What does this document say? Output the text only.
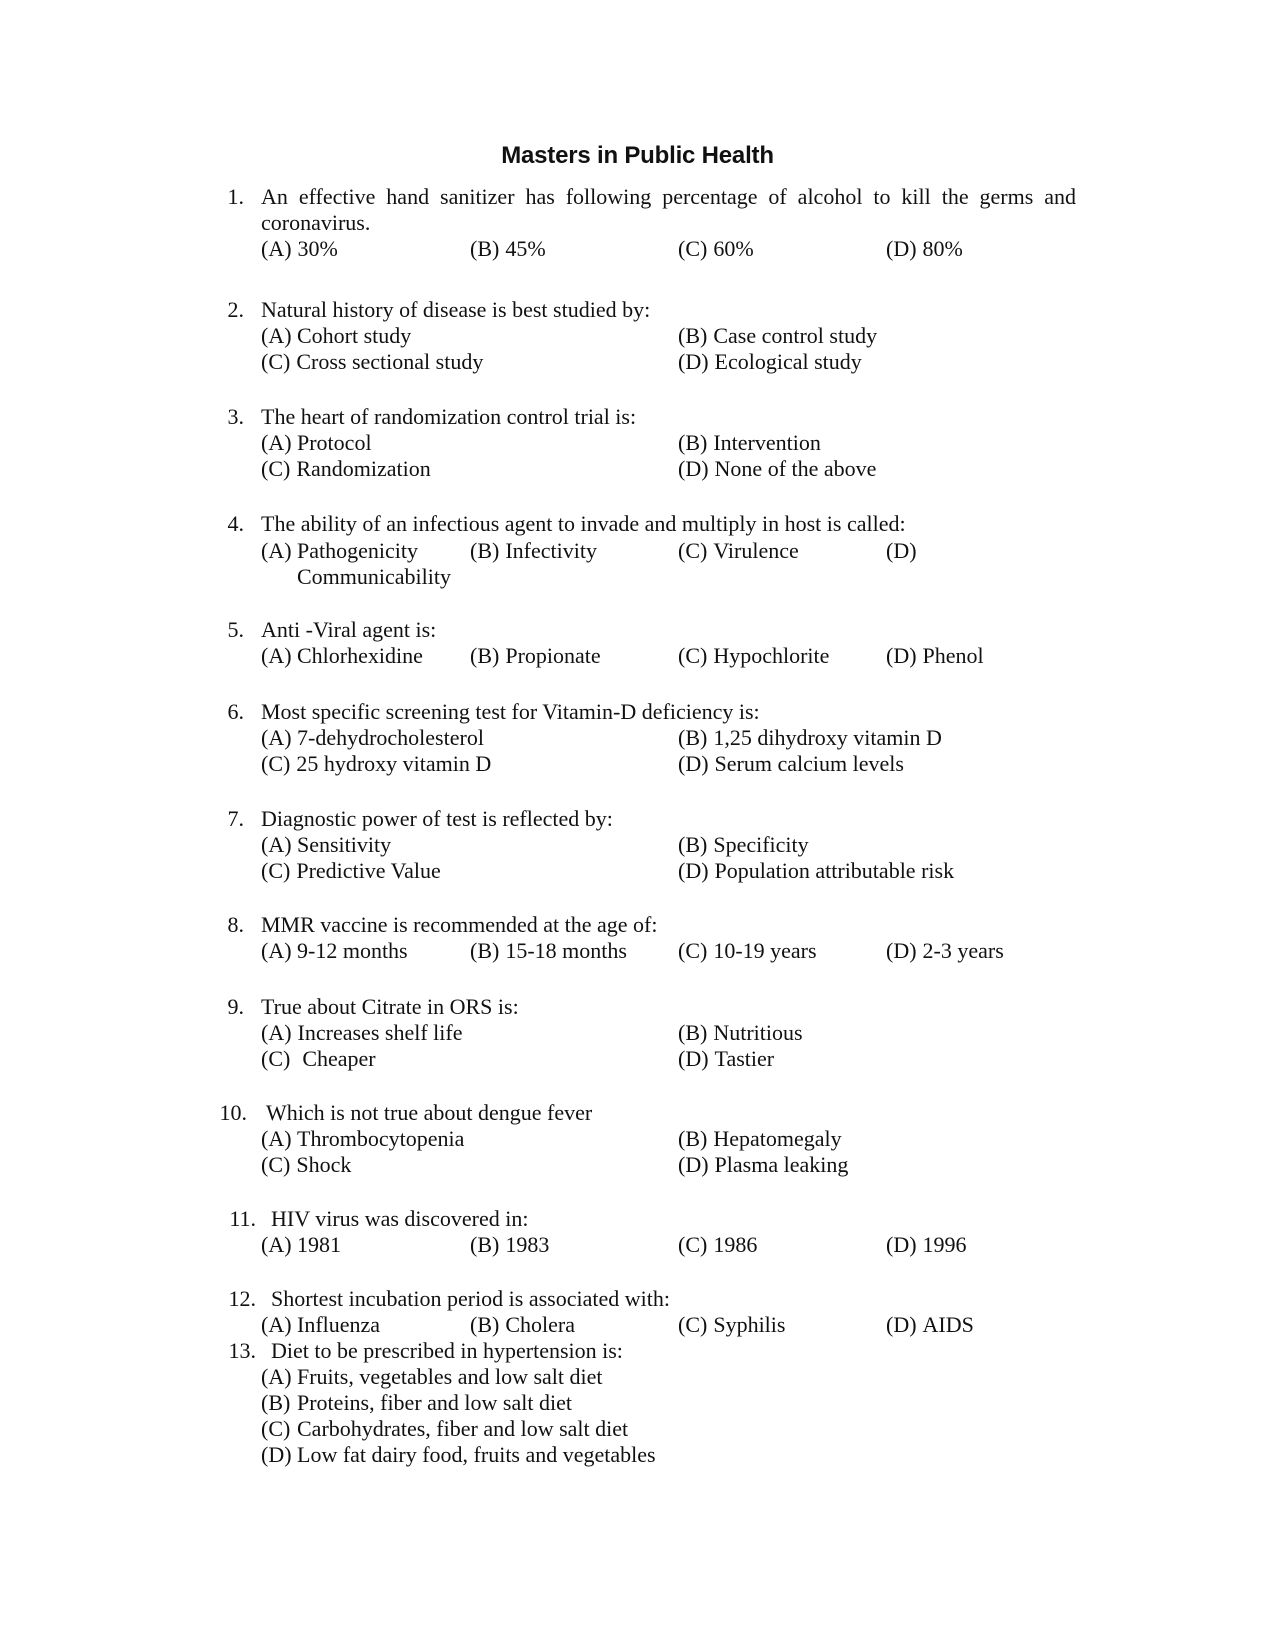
Masters in Public Health
1. An effective hand sanitizer has following percentage of alcohol to kill the germs and coronavirus.
(A) 30%	(B) 45%	(C) 60%	(D) 80%
2. Natural history of disease is best studied by:
(A) Cohort study	(B) Case control study
(C) Cross sectional study	(D) Ecological study
3. The heart of randomization control trial is:
(A) Protocol	(B) Intervention
(C) Randomization	(D) None of the above
4. The ability of an infectious agent to invade and multiply in host is called:
(A) Pathogenicity (B) Infectivity	(C) Virulence	(D)
Communicability
5. Anti -Viral agent is:
(A) Chlorhexidine (B) Propionate	(C) Hypochlorite	(D) Phenol
6. Most specific screening test for Vitamin-D deficiency is:
(A) 7-dehydrocholesterol	(B) 1,25 dihydroxy vitamin D
(C) 25 hydroxy vitamin D	(D) Serum calcium levels
7. Diagnostic power of test is reflected by:
(A) Sensitivity	(B) Specificity
(C) Predictive Value	(D) Population attributable risk
8. MMR vaccine is recommended at the age of:
(A) 9-12 months	(B) 15-18 months (C) 10-19 years	(D) 2-3 years
9. True about Citrate in ORS is:
(A) Increases shelf life	(B) Nutritious
(C) Cheaper	(D) Tastier
10. Which is not true about dengue fever
(A) Thrombocytopenia	(B) Hepatomegaly
(C) Shock	(D) Plasma leaking
11. HIV virus was discovered in:
(A) 1981	(B) 1983	(C) 1986	(D) 1996
12. Shortest incubation period is associated with:
(A) Influenza	(B) Cholera	(C) Syphilis	(D) AIDS
13. Diet to be prescribed in hypertension is:
(A) Fruits, vegetables and low salt diet
(B) Proteins, fiber and low salt diet
(C) Carbohydrates, fiber and low salt diet
(D) Low fat dairy food, fruits and vegetables
